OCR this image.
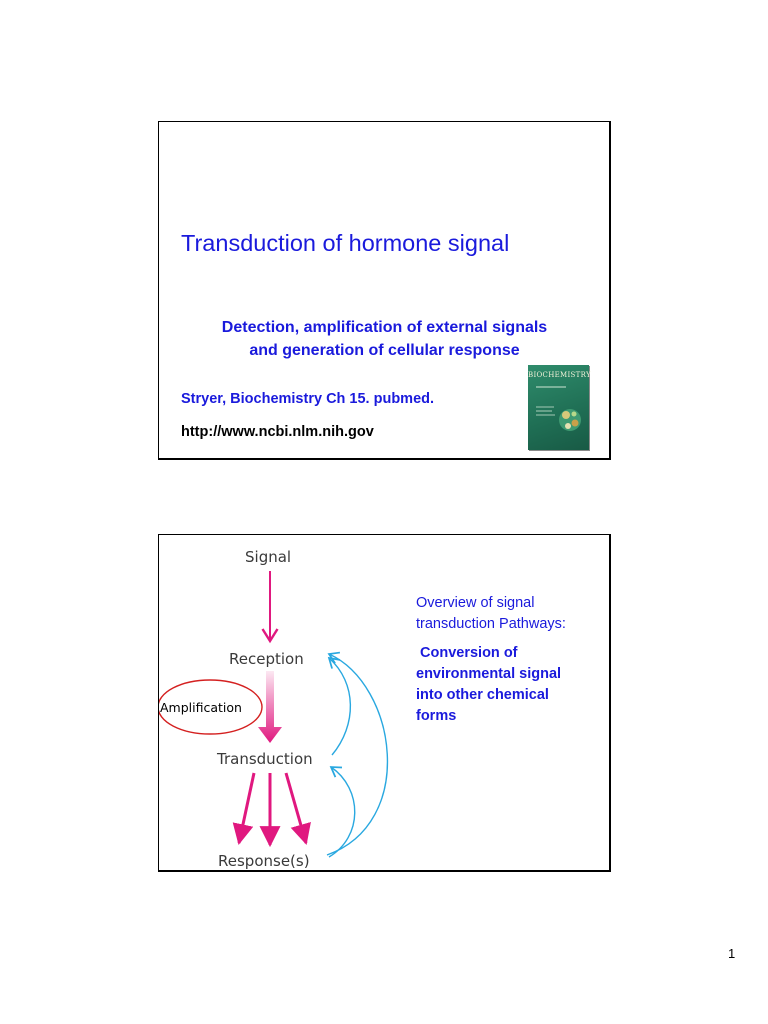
Transduction of hormone signal
Detection, amplification of external signals
and generation of cellular response
Stryer, Biochemistry Ch 15. pubmed.
http://www.ncbi.nlm.nih.gov
BIOCHEMISTRY
Signal
Reception
Transduction
Response(s)
Amplification

Overview of signal
transduction Pathways:

Conversion of
environmental signal
into other chemical
forms

1
